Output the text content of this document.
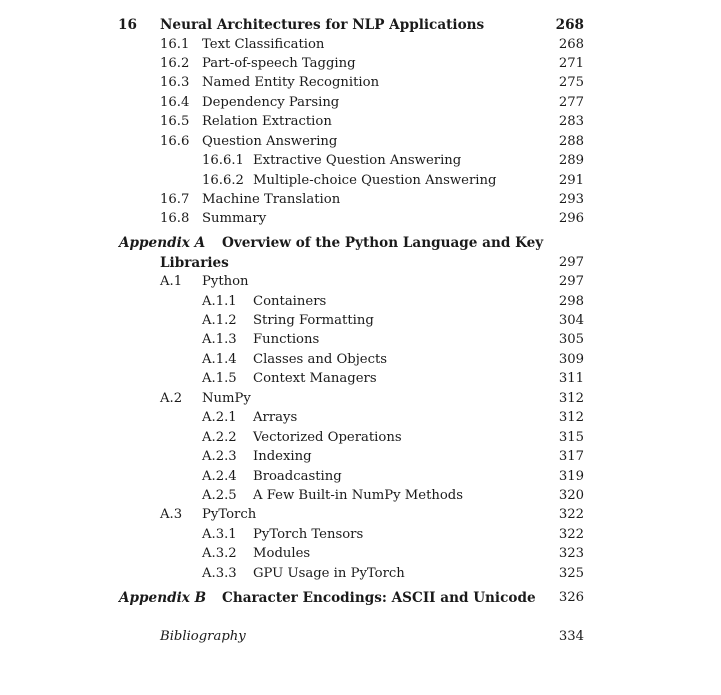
16 Neural Architectures for NLP Applications	268
16.1 Text Classification	268
16.2 Part-of-speech Tagging	271
16.3 Named Entity Recognition	275
16.4 Dependency Parsing	277
16.5 Relation Extraction	283
16.6 Question Answering	288
16.6.1 Extractive Question Answering	289
16.6.2 Multiple-choice Question Answering	291
16.7 Machine Translation	293
16.8 Summary	296
Appendix A Overview of the Python Language and Key
Libraries	297
A.1 Python	297
A.1.1 Containers	298
A.1.2 String Formatting	304
A.1.3 Functions	305
A.1.4 Classes and Objects	309
A.1.5 Context Managers	311
A.2 NumPy	312
A.2.1 Arrays	312
A.2.2 Vectorized Operations	315
A.2.3 Indexing	317
A.2.4 Broadcasting	319
A.2.5 A Few Built-in NumPy Methods	320
A.3 PyTorch	322
A.3.1 PyTorch Tensors	322
A.3.2 Modules	323
A.3.3 GPU Usage in PyTorch	325
Appendix B Character Encodings: ASCII and Unicode 326
Bibliography	334
